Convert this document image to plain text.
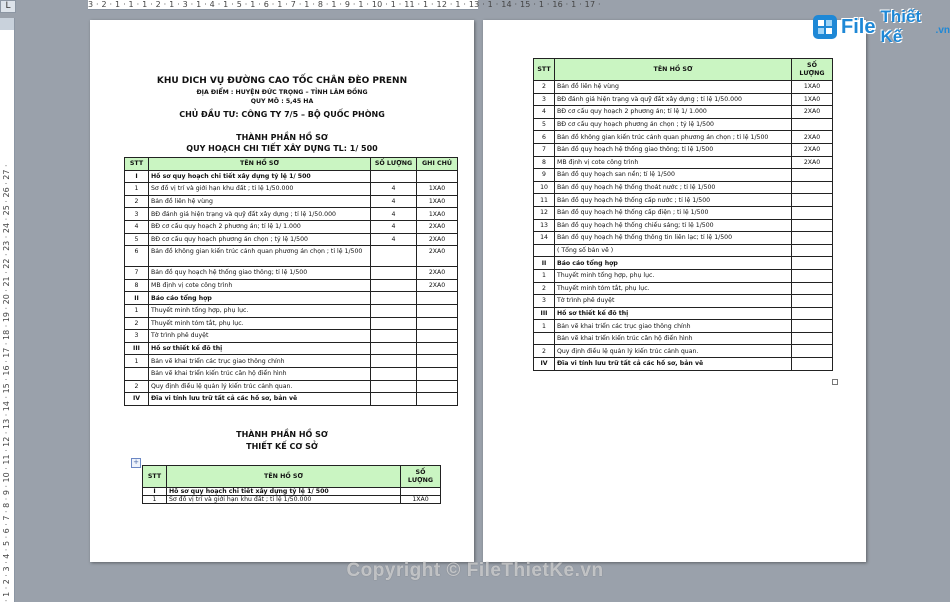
L	3 · 2 · 1 · 1 · 1 · 2 · 1 · 3 · 1 · 4 · 1 · 5 · 1 · 6 · 1 · 7 · 1 · 8 · 1 · 9 · 1 · 10 · 1 · 11 · 1 · 12 · 1 · 13 · 1 · 14 · 15 · 1 · 16 · 1 · 17 ·
· 1 · 2 · 3 · 4 · 5 · 6 · 7 · 8 · 9 · 10 · 11 · 12 · 13 · 14 · 15 · 16 · 17 · 18 · 19 · 20 · 21 · 22 · 23 · 24 · 25 · 26 · 27 ·
KHU DICH VỤ ĐƯỜNG CAO TỐC CHÂN ĐÈO PRENN
ĐỊA ĐIỂM : HUYỆN ĐỨC TRỌNG – TỈNH LÂM ĐỒNG
QUY MÔ : 5,45 HA
CHỦ ĐẦU TƯ: CÔNG TY 7/5 – BỘ QUỐC PHÒNG
THÀNH PHẦN HỒ SƠ
QUY HOẠCH CHI TIẾT XÂY DỰNG TL: 1/ 500
STT	TÊN HỒ SƠ	SỐ LƯỢNG	GHI CHÚ
I	Hồ sơ quy hoạch chi tiết xây dựng tỷ lệ 1/ 500		
1	Sơ đồ vị trí và giới hạn khu đất ; tỉ lệ 1/50.000	4	1XA0
2	Bản đồ liên hệ vùng	4	1XA0
3	BĐ đánh giá hiện trạng và quỹ đất xây dựng ; tỉ lệ 1/50.000	4	1XA0
4	BĐ cơ cấu quy hoạch 2 phương án; tỉ lệ 1/ 1.000	4	2XA0
5	BĐ cơ cấu quy hoạch phương án chọn ; tỷ lệ 1/500	4	2XA0
6	Bản đồ không gian kiến trúc cảnh quan phương án chọn ; tỉ lệ 1/500		2XA0
7	Bản đồ quy hoạch hệ thống giao thông; tỉ lệ 1/500		2XA0
8	MB định vị cote công trình		2XA0
II	Báo cáo tổng hợp		
1	Thuyết minh tổng hợp, phụ lục.		
2	Thuyết minh tóm tắt, phụ lục.		
3	Tờ trình phê duyệt		
III	Hồ sơ thiết kế đô thị		
1	Bản vẽ khai triển các trục giao thông chính		
	Bản vẽ khai triển kiến trúc căn hộ điển hình		
2	Quy định điều lệ quản lý kiến trúc cảnh quan.		
IV	Đĩa vi tính lưu trữ tất cả các hồ sơ, bản vẽ		
THÀNH PHẦN HỒ SƠ
THIẾT KẾ CƠ SỞ
+
STT	TÊN HỒ SƠ	SỐ LƯỢNG
I	Hồ sơ quy hoạch chi tiết xây dựng tỷ lệ 1/ 500	
1	Sơ đồ vị trí và giới hạn khu đất ; tỉ lệ 1/50.000	1XA0
STT	TÊN HỒ SƠ	SỐ LƯỢNG
2	Bản đồ liên hệ vùng	1XA0
3	BĐ đánh giá hiện trạng và quỹ đất xây dựng ; tỉ lệ 1/50.000	1XA0
4	BĐ cơ cấu quy hoạch 2 phương án; tỉ lệ 1/ 1.000	2XA0
5	BĐ cơ cấu quy hoạch phương án chọn ; tỷ lệ 1/500	
6	Bản đồ không gian kiến trúc cảnh quan phương án chọn ; tỉ lệ 1/500	2XA0
7	Bản đồ quy hoạch hệ thống giao thông; tỉ lệ 1/500	2XA0
8	MB định vị cote công trình	2XA0
9	Bản đồ quy hoạch san nền; tỉ lệ 1/500	
10	Bản đồ quy hoạch hệ thống thoát nước ; tỉ lệ 1/500	
11	Bản đồ quy hoạch hệ thống cấp nước ; tỉ lệ 1/500	
12	Bản đồ quy hoạch hệ thống cấp điện ; tỉ lệ 1/500	
13	Bản đồ quy hoạch hệ thống chiếu sáng; tỉ lệ 1/500	
14	Bản đồ quy hoạch hệ thống thông tin liên lạc; tỉ lệ 1/500	
	( Tổng số bản vẽ )	
II	Báo cáo tổng hợp	
1	Thuyết minh tổng hợp, phụ lục.	
2	Thuyết minh tóm tắt, phụ lục.	
3	Tờ trình phê duyệt	
III	Hồ sơ thiết kế đô thị	
1	Bản vẽ khai triển các trục giao thông chính	
	Bản vẽ khai triển kiến trúc căn hộ điển hình	
2	Quy định điều lệ quản lý kiến trúc cảnh quan.	
IV	Đĩa vi tính lưu trữ tất cả các hồ sơ, bản vẽ	
File Thiết Kế	.vn
Copyright © FileThietKe.vn
